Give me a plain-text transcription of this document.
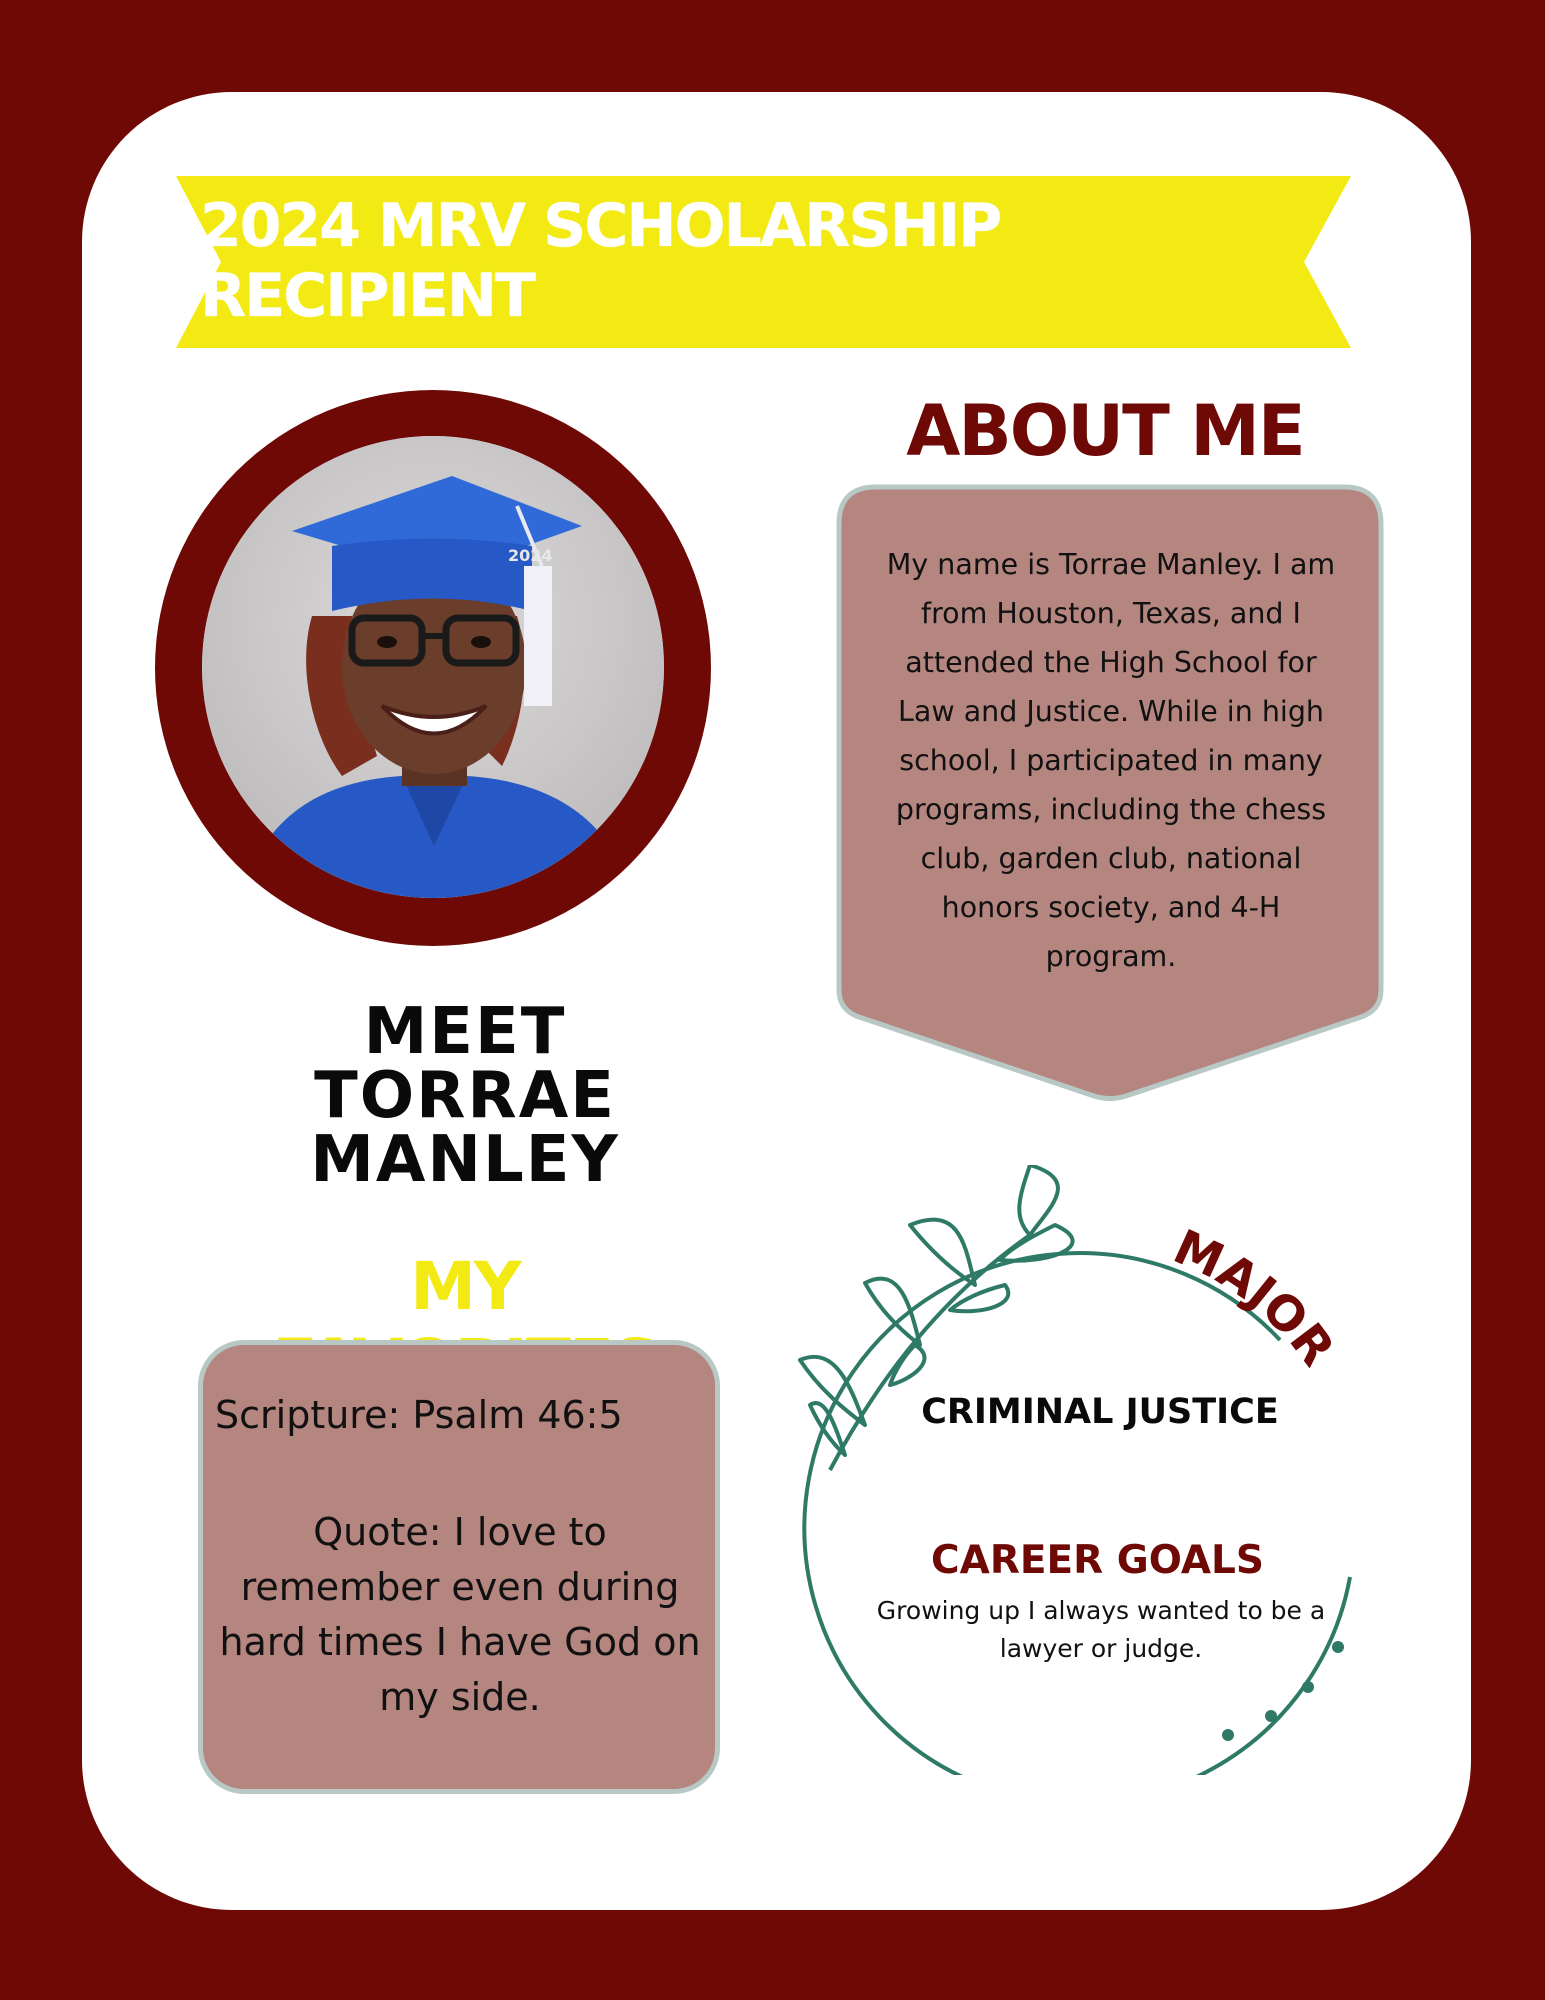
2024 MRV SCHOLARSHIP RECIPIENT
2024
MEET
TORRAE MANLEY
ABOUT ME
My name is Torrae Manley. I am from Houston, Texas, and I attended the High School for Law and Justice. While in high school, I participated in many programs, including the chess club, garden club, national honors society, and 4-H program.
MY
Scripture: Psalm 46:5
Quote: I love to remember even during hard times I have God on my side.
MAJOR
CRIMINAL JUSTICE
CAREER GOALS
Growing up I always wanted to be a lawyer or judge.
